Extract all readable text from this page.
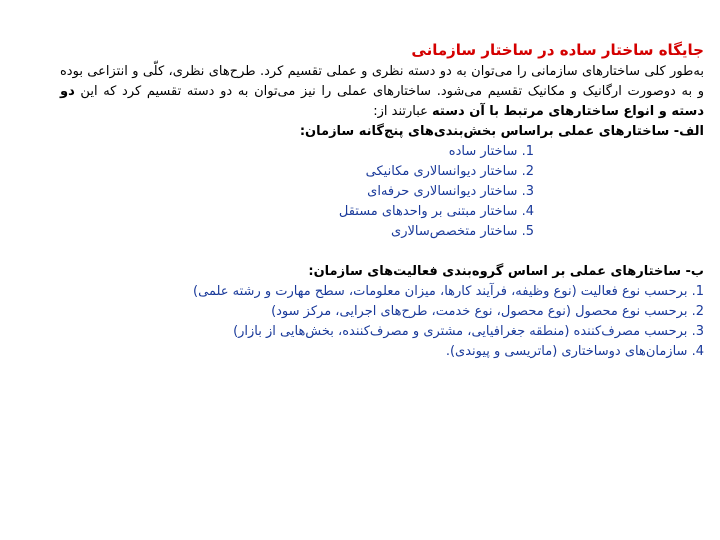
جایگاه ساختار ساده در ساختار سازمانی

به‌طور کلی ساختارهای سازمانی را می‌توان به دو دسته نظری و عملی تقسیم کرد. طرح‌های نظری، کلّی و انتزاعی بوده و به دوصورت ارگانیک و مکانیک تقسیم می‌شود. ساختارهای عملی را نیز می‌توان به دو دسته تقسیم کرد که این دو دسته و انواع ساختارهای مرتبط با آن دسته عبارتند از:

الف- ساختارهای عملی براساس بخش‌بندی‌های پنج‌گانه سازمان:
1. ساختار ساده
2. ساختار دیوانسالاری مکانیکی
3. ساختار دیوانسالاری حرفه‌ای
4. ساختار مبتنی بر واحدهای مستقل
5. ساختار متخصص‌سالاری
ب- ساختارهای عملی بر اساس گروه‌بندی فعالیت‌های سازمان:
1. برحسب نوع فعالیت (نوع وظیفه، فرآیند کارها، میزان معلومات، سطح مهارت و رشته علمی)
2. برحسب نوع محصول (نوع محصول، نوع خدمت، طرح‌های اجرایی، مرکز سود)
3. برحسب مصرف‌کننده (منطقه جغرافیایی، مشتری و مصرف‌کننده، بخش‌هایی از بازار)
4. سازمان‌های دوساختاری (ماتریسی و پیوندی).
